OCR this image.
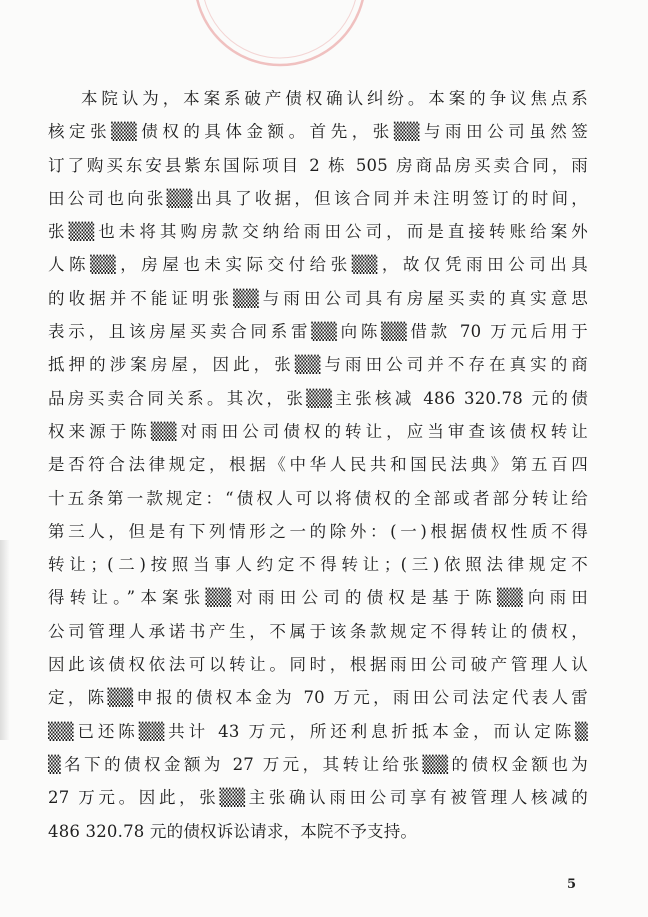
本院认为，本案系破产债权确认纠纷。本案的争议焦点系
核定张▒▒债权的具体金额。首先，张▒▒与雨田公司虽然签
订了购买东安县紫东国际项目 2 栋 505 房商品房买卖合同，雨
田公司也向张▒▒出具了收据，但该合同并未注明签订的时间，
张▒▒也未将其购房款交纳给雨田公司，而是直接转账给案外
人陈▒▒，房屋也未实际交付给张▒▒，故仅凭雨田公司出具
的收据并不能证明张▒▒与雨田公司具有房屋买卖的真实意思
表示，且该房屋买卖合同系雷▒▒向陈▒▒借款 70 万元后用于
抵押的涉案房屋，因此，张▒▒与雨田公司并不存在真实的商
品房买卖合同关系。其次，张▒▒主张核减 486 320.78 元的债
权来源于陈▒▒对雨田公司债权的转让，应当审查该债权转让
是否符合法律规定，根据《中华人民共和国民法典》第五百四
十五条第一款规定：“债权人可以将债权的全部或者部分转让给
第三人，但是有下列情形之一的除外：(一)根据债权性质不得
转让；(二)按照当事人约定不得转让；(三)依照法律规定不
得转让。”本案张▒▒对雨田公司的债权是基于陈▒▒向雨田
公司管理人承诺书产生，不属于该条款规定不得转让的债权，
因此该债权依法可以转让。同时，根据雨田公司破产管理人认
定，陈▒▒申报的债权本金为 70 万元，雨田公司法定代表人雷
▒▒已还陈▒▒共计 43 万元，所还利息折抵本金，而认定陈▒
▒名下的债权金额为 27 万元，其转让给张▒▒的债权金额也为
27 万元。因此，张▒▒主张确认雨田公司享有被管理人核减的
486 320.78 元的债权诉讼请求，本院不予支持。
5
